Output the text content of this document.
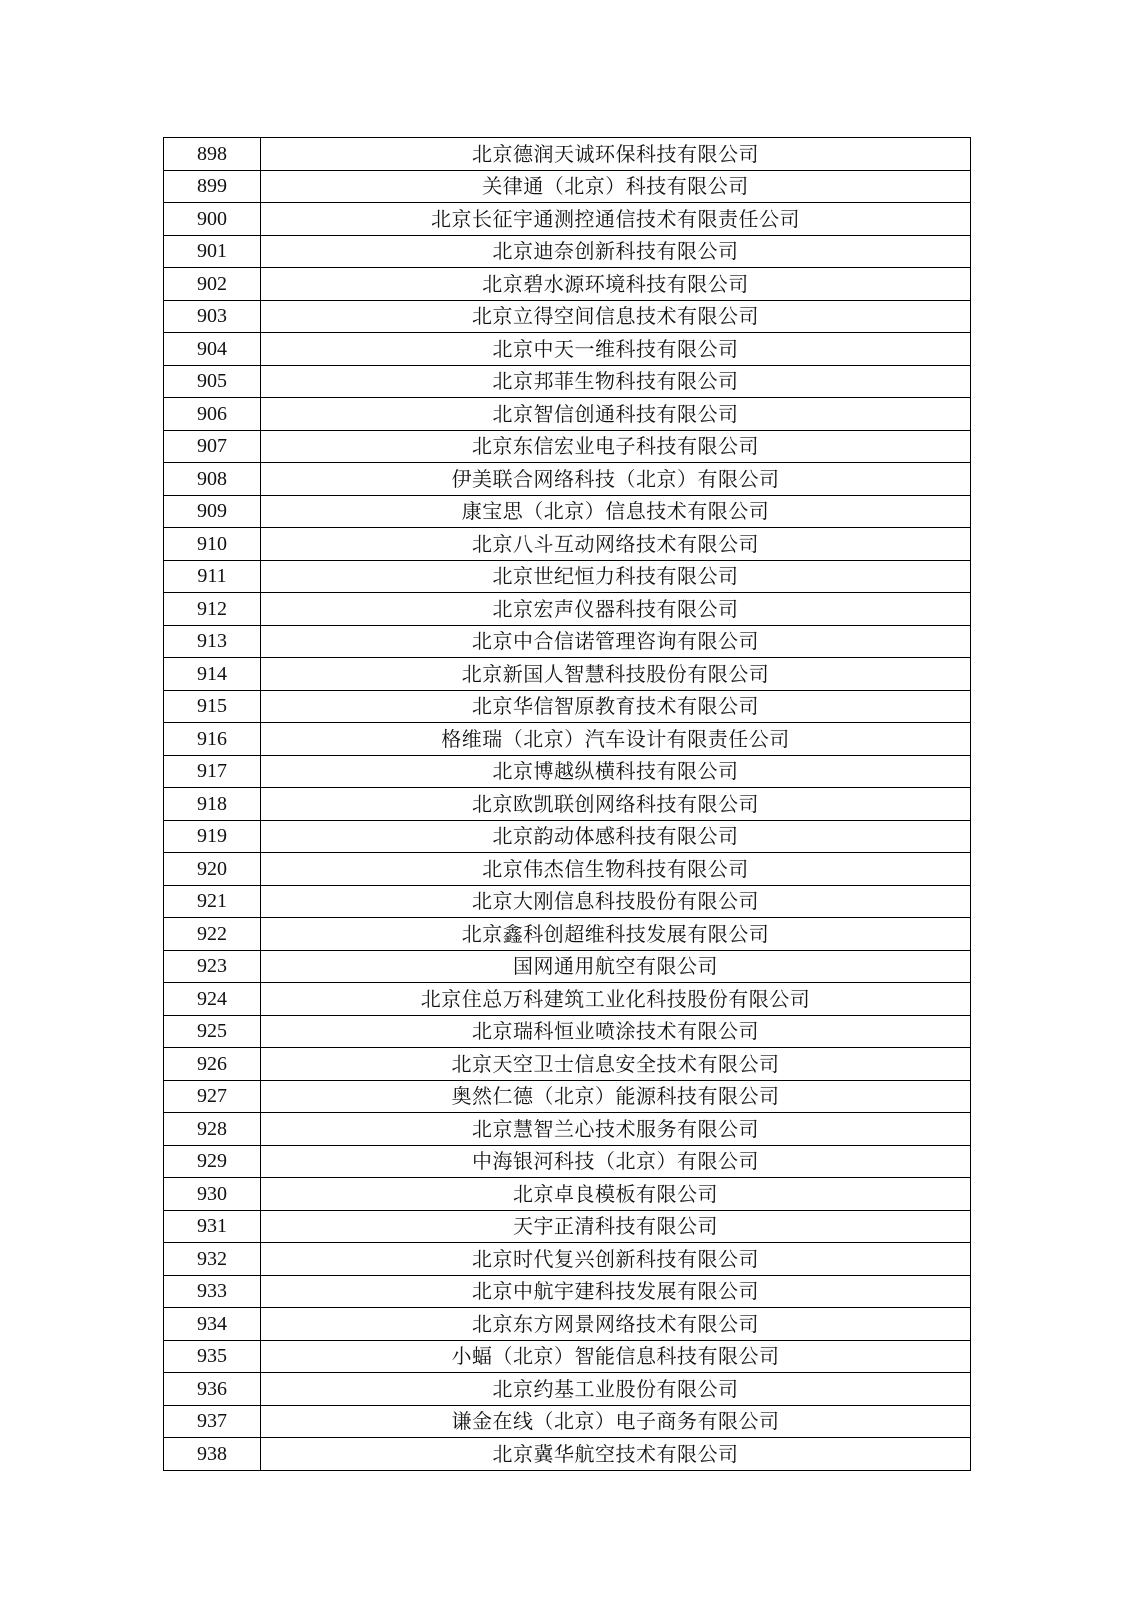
898	北京德润天诚环保科技有限公司
899	关律通（北京）科技有限公司
900	北京长征宇通测控通信技术有限责任公司
901	北京迪奈创新科技有限公司
902	北京碧水源环境科技有限公司
903	北京立得空间信息技术有限公司
904	北京中天一维科技有限公司
905	北京邦菲生物科技有限公司
906	北京智信创通科技有限公司
907	北京东信宏业电子科技有限公司
908	伊美联合网络科技（北京）有限公司
909	康宝思（北京）信息技术有限公司
910	北京八斗互动网络技术有限公司
911	北京世纪恒力科技有限公司
912	北京宏声仪器科技有限公司
913	北京中合信诺管理咨询有限公司
914	北京新国人智慧科技股份有限公司
915	北京华信智原教育技术有限公司
916	格维瑞（北京）汽车设计有限责任公司
917	北京博越纵横科技有限公司
918	北京欧凯联创网络科技有限公司
919	北京韵动体感科技有限公司
920	北京伟杰信生物科技有限公司
921	北京大刚信息科技股份有限公司
922	北京鑫科创超维科技发展有限公司
923	国网通用航空有限公司
924	北京住总万科建筑工业化科技股份有限公司
925	北京瑞科恒业喷涂技术有限公司
926	北京天空卫士信息安全技术有限公司
927	奥然仁德（北京）能源科技有限公司
928	北京慧智兰心技术服务有限公司
929	中海银河科技（北京）有限公司
930	北京卓良模板有限公司
931	天宇正清科技有限公司
932	北京时代复兴创新科技有限公司
933	北京中航宇建科技发展有限公司
934	北京东方网景网络技术有限公司
935	小蝠（北京）智能信息科技有限公司
936	北京约基工业股份有限公司
937	谦金在线（北京）电子商务有限公司
938	北京冀华航空技术有限公司
